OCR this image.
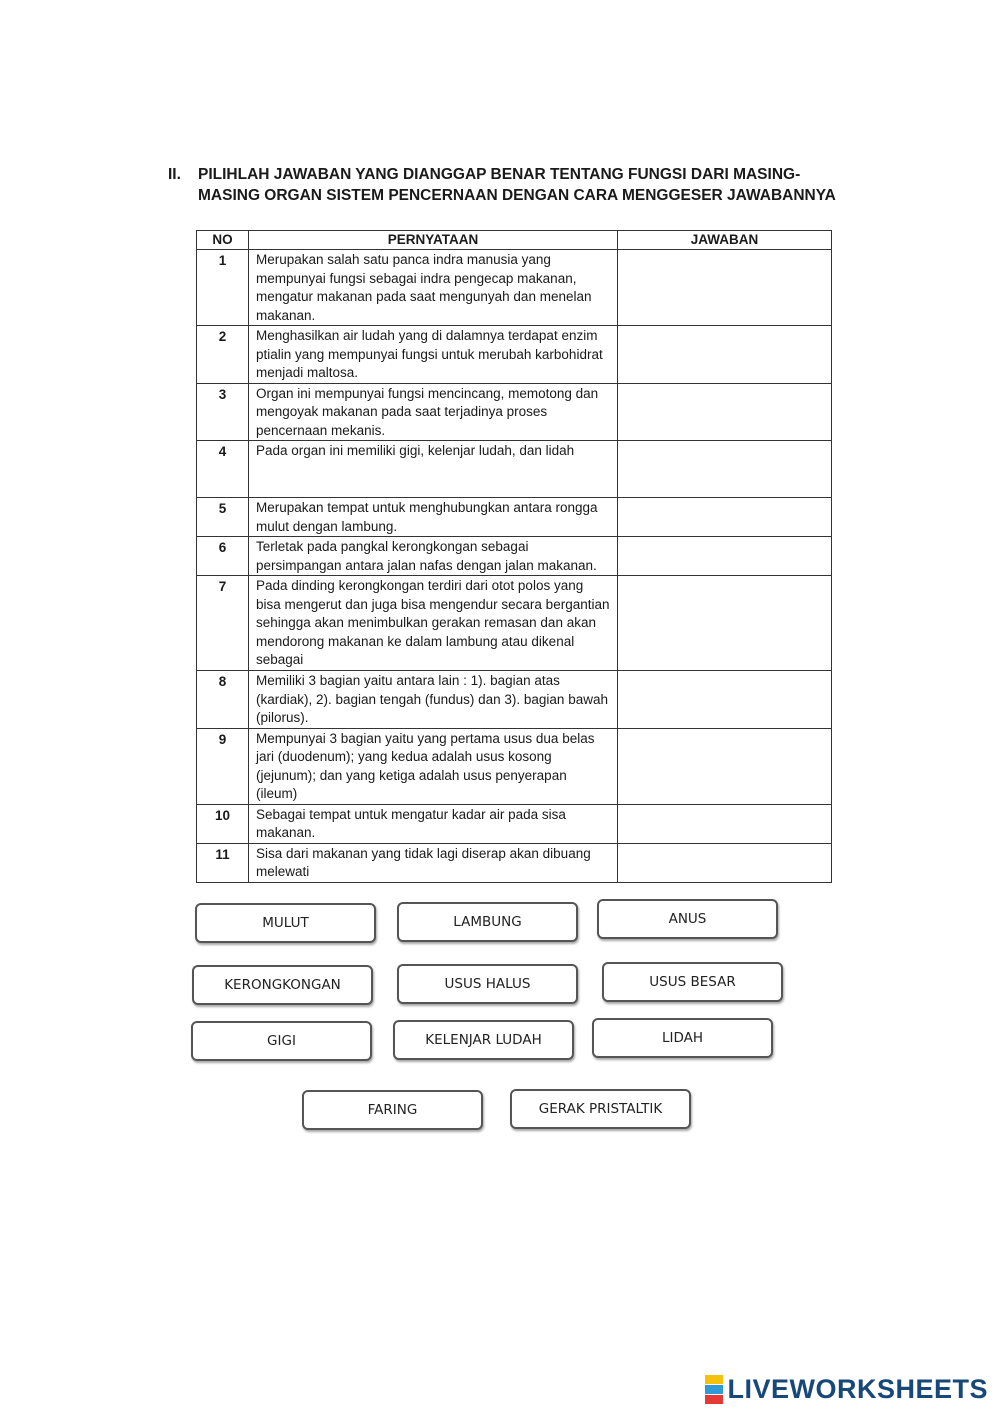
II.	PILIHLAH JAWABAN YANG DIANGGAP BENAR TENTANG FUNGSI DARI MASING-MASING ORGAN SISTEM PENCERNAAN DENGAN CARA MENGGESER JAWABANNYA
NO	PERNYATAAN	JAWABAN
1	Merupakan salah satu panca indra manusia yang mempunyai fungsi sebagai indra pengecap makanan, mengatur makanan pada saat mengunyah dan menelan makanan.	
2	Menghasilkan air ludah yang di dalamnya terdapat enzim ptialin yang mempunyai fungsi untuk merubah karbohidrat menjadi maltosa.	
3	Organ ini mempunyai fungsi mencincang, memotong dan mengoyak makanan pada saat terjadinya proses pencernaan mekanis.	
4	Pada organ ini memiliki gigi, kelenjar ludah, dan lidah	
5	Merupakan tempat untuk menghubungkan antara rongga mulut dengan lambung.	
6	Terletak pada pangkal kerongkongan sebagai persimpangan antara jalan nafas dengan jalan makanan.	
7	Pada dinding kerongkongan terdiri dari otot polos yang bisa mengerut dan juga bisa mengendur secara bergantian sehingga akan menimbulkan gerakan remasan dan akan mendorong makanan ke dalam lambung atau dikenal sebagai	
8	Memiliki 3 bagian yaitu antara lain : 1). bagian atas (kardiak), 2). bagian tengah (fundus) dan 3). bagian bawah (pilorus).	
9	Mempunyai 3 bagian yaitu yang pertama usus dua belas jari (duodenum); yang kedua adalah usus kosong (jejunum); dan yang ketiga adalah usus penyerapan (ileum)	
10	Sebagai tempat untuk mengatur kadar air pada sisa makanan.	
11	Sisa dari makanan yang tidak lagi diserap akan dibuang melewati	
MULUT	LAMBUNG	ANUS
KERONGKONGAN	USUS HALUS	USUS BESAR
GIGI	KELENJAR LUDAH	LIDAH
FARING	GERAK PRISTALTIK
LIVEWORKSHEETS
